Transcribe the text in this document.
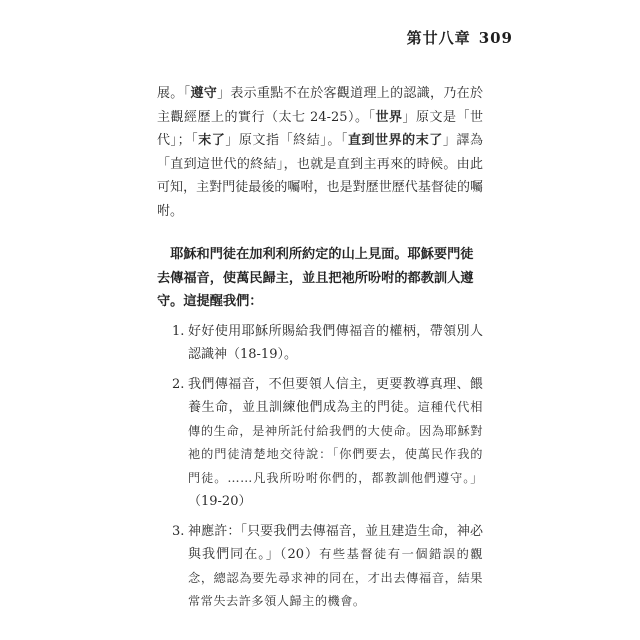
第廿八章 309

展。「遵守」表示重點不在於客觀道理上的認識，乃在於主觀經歷上的實行（太七 24-25）。「世界」原文是「世代」；「末了」原文指「終結」。「直到世界的末了」譯為「直到這世代的終結」，也就是直到主再來的時候。由此可知，主對門徒最後的囑咐，也是對歷世歷代基督徒的囑咐。

耶穌和門徒在加利利所約定的山上見面。耶穌要門徒去傳福音，使萬民歸主，並且把祂所吩咐的都教訓人遵守。這提醒我們：

1. 好好使用耶穌所賜給我們傳福音的權柄，帶領別人認識神（18-19）。

2. 我們傳福音，不但要領人信主，更要教導真理、餵養生命，並且訓練他們成為主的門徒。這種代代相傳的生命，是神所託付給我們的大使命。因為耶穌對祂的門徒清楚地交待說：「你們要去，使萬民作我的門徒。……凡我所吩咐你們的，都教訓他們遵守。」（19-20）

3. 神應許：「只要我們去傳福音，並且建造生命，神必與我們同在。」（20）有些基督徒有一個錯誤的觀念，總認為要先尋求神的同在，才出去傳福音，結果常常失去許多領人歸主的機會。
